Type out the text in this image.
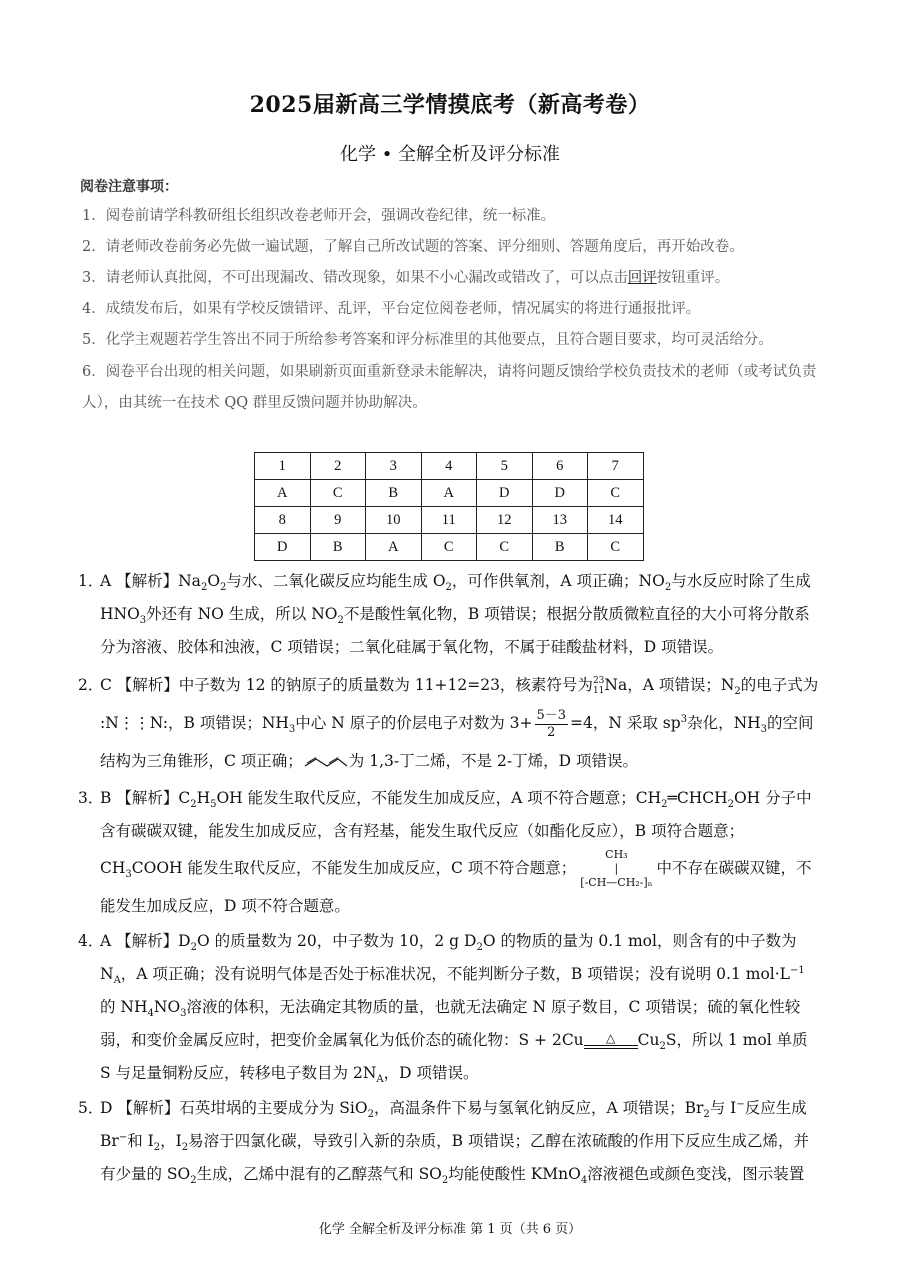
2025届新高三学情摸底考（新高考卷）
化学 • 全解全析及评分标准
阅卷注意事项：
1．阅卷前请学科教研组长组织改卷老师开会，强调改卷纪律，统一标准。
2．请老师改卷前务必先做一遍试题，了解自己所改试题的答案、评分细则、答题角度后，再开始改卷。
3．请老师认真批阅，不可出现漏改、错改现象，如果不小心漏改或错改了，可以点击回评按钮重评。
4．成绩发布后，如果有学校反馈错评、乱评，平台定位阅卷老师，情况属实的将进行通报批评。
5．化学主观题若学生答出不同于所给参考答案和评分标准里的其他要点，且符合题目要求，均可灵活给分。
6．阅卷平台出现的相关问题，如果刷新页面重新登录未能解决，请将问题反馈给学校负责技术的老师（或考试负责人），由其统一在技术 QQ 群里反馈问题并协助解决。
1	2	3	4	5	6	7
A	C	B	A	D	D	C
8	9	10	11	12	13	14
D	B	A	C	C	B	C
1．
A 【解析】$Na_2O_2$与水、二氧化碳反应均能生成 $O_2$，可作供氧剂，A 项正确；$NO_2$与水反应时除了生成 $HNO_3$外还有 NO 生成，所以 $NO_2$不是酸性氧化物，B 项错误；根据分散质微粒直径的大小可将分散系分为溶液、胶体和浊液，C 项错误；二氧化硅属于氧化物，不属于硅酸盐材料，D 项错误。
2．
C 【解析】中子数为 12 的钠原子的质量数为 11+12=23，核素符号为 23
11 Na，A 项错误；$N_2$的电子式为 :N⋮⋮N:，B 项错误；$NH_3$中心 N 原子的价层电子对数为 $3+ \frac{5-3}{2} =4$，N 采取 $sp^3$杂化，$NH_3$的空间结构为三角锥形，C 项正确；	为 1,3-丁二烯，不是 2-丁烯，D 项错误。
3．
B 【解析】$C_2H_5OH$ 能发生取代反应，不能发生加成反应，A 项不符合题意；$CH_2═CHCH_2OH$ 分子中含有碳碳双键，能发生加成反应，含有羟基，能发生取代反应（如酯化反应），B 项符合题意；$CH_3COOH$ 能发生取代反应，不能发生加成反应，C 项不符合题意；
CH₃
|
[-CH—CH₂-]ₙ
中不存在碳碳双键，不能发生加成反应，D 项不符合题意。
4．
A 【解析】$D_2O$ 的质量数为 20，中子数为 10，2 g $D_2O$ 的物质的量为 0.1 mol，则含有的中子数为 $N_A$，A 项正确；没有说明气体是否处于标准状况，不能判断分子数，B 项错误；没有说明 0.1 $mol\cdot L^{-1}$ 的 $NH_4NO_3$溶液的体积，无法确定其物质的量，也就无法确定 N 原子数目，C 项错误；硫的氧化性较弱，和变价金属反应时，把变价金属氧化为低价态的硫化物：S + 2Cu △ $Cu_2S$，所以 1 mol 单质 S 与足量铜粉反应，转移电子数目为 $2N_A$，D 项错误。
5．
D 【解析】石英坩埚的主要成分为 SiO$_2$，高温条件下易与氢氧化钠反应，A 项错误；$Br_2$与 I−反应生成 Br−和 $I_2$，$I_2$易溶于四氯化碳，导致引入新的杂质，B 项错误；乙醇在浓硫酸的作用下反应生成乙烯，并有少量的 $SO_2$生成，乙烯中混有的乙醇蒸气和 $SO_2$均能使酸性 KMnO$_4$溶液褪色或颜色变浅，图示装置
化学 全解全析及评分标准 第 1 页（共 6 页）
